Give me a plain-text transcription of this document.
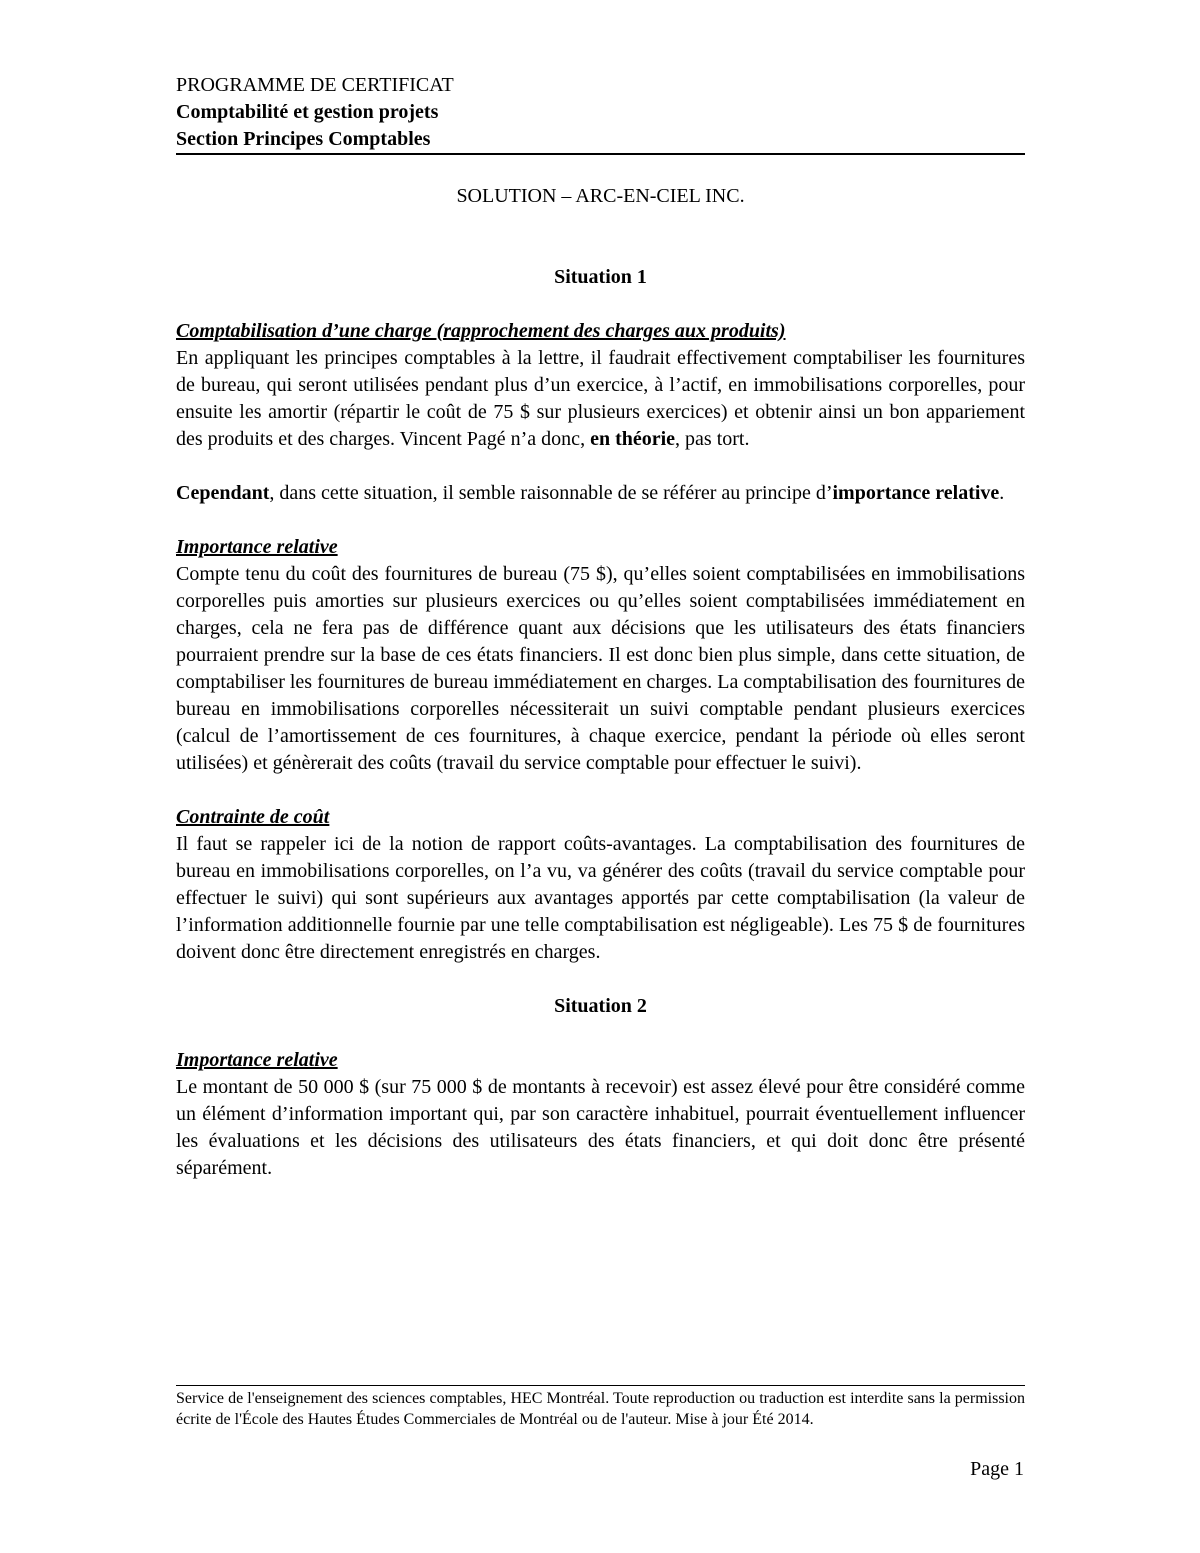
PROGRAMME DE CERTIFICAT
Comptabilité et gestion projets
Section Principes Comptables

SOLUTION – ARC-EN-CIEL INC.

Situation 1

Comptabilisation d’une charge (rapprochement des charges aux produits)

En appliquant les principes comptables à la lettre, il faudrait effectivement comptabiliser les fournitures de bureau, qui seront utilisées pendant plus d’un exercice, à l’actif, en immobilisations corporelles, pour ensuite les amortir (répartir le coût de 75 $ sur plusieurs exercices) et obtenir ainsi un bon appariement des produits et des charges. Vincent Pagé n’a donc, en théorie, pas tort.

Cependant, dans cette situation, il semble raisonnable de se référer au principe d’importance relative.

Importance relative

Compte tenu du coût des fournitures de bureau (75 $), qu’elles soient comptabilisées en immobilisations corporelles puis amorties sur plusieurs exercices ou qu’elles soient comptabilisées immédiatement en charges, cela ne fera pas de différence quant aux décisions que les utilisateurs des états financiers pourraient prendre sur la base de ces états financiers. Il est donc bien plus simple, dans cette situation, de comptabiliser les fournitures de bureau immédiatement en charges. La comptabilisation des fournitures de bureau en immobilisations corporelles nécessiterait un suivi comptable pendant plusieurs exercices (calcul de l’amortissement de ces fournitures, à chaque exercice, pendant la période où elles seront utilisées) et génèrerait des coûts (travail du service comptable pour effectuer le suivi).

Contrainte de coût

Il faut se rappeler ici de la notion de rapport coûts-avantages. La comptabilisation des fournitures de bureau en immobilisations corporelles, on l’a vu, va générer des coûts (travail du service comptable pour effectuer le suivi) qui sont supérieurs aux avantages apportés par cette comptabilisation (la valeur de l’information additionnelle fournie par une telle comptabilisation est négligeable). Les 75 $ de fournitures doivent donc être directement enregistrés en charges.

Situation 2

Importance relative

Le montant de 50 000 $ (sur 75 000 $ de montants à recevoir) est assez élevé pour être considéré comme un élément d’information important qui, par son caractère inhabituel, pourrait éventuellement influencer les évaluations et les décisions des utilisateurs des états financiers, et qui doit donc être présenté séparément.

Service de l'enseignement des sciences comptables, HEC Montréal. Toute reproduction ou traduction est interdite sans la permission écrite de l'École des Hautes Études Commerciales de Montréal ou de l'auteur. Mise à jour Été 2014.
Page 1
